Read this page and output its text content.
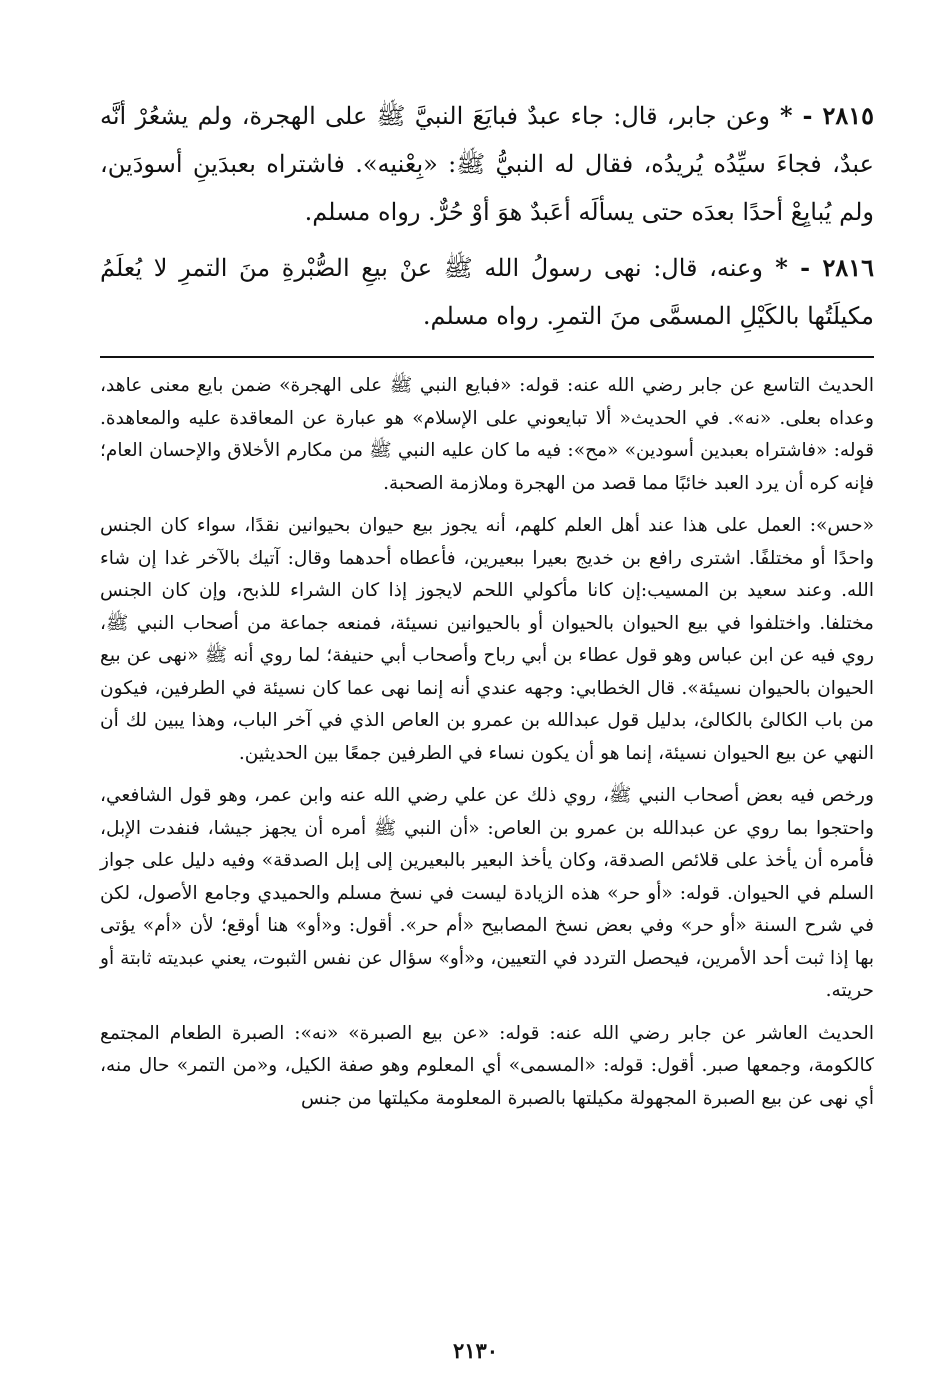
٢٨١٥ - * وعن جابر، قال: جاء عبدٌ فبايَعَ النبيَّ ﷺ على الهجرة، ولم يشعُرْ أنَّه عبدٌ، فجاءَ سيِّدُه يُريدُه، فقال له النبيُّ ﷺ: «بِعْنيه». فاشتراه بعبدَينِ أسودَين، ولم يُبايِعْ أحدًا بعدَه حتى يسألَه أعَبدٌ هوَ أوْ حُرٌّ. رواه مسلم.

٢٨١٦ - * وعنه، قال: نهى رسولُ الله ﷺ عنْ بيعِ الصُّبْرةِ منَ التمرِ لا يُعلَمُ مكيلَتُها بالكَيْلِ المسمَّى منَ التمرِ. رواه مسلم.

الحديث التاسع عن جابر رضي الله عنه: قوله: «فبايع النبي ﷺ على الهجرة» ضمن بايع معنى عاهد، وعداه بعلى. «نه». في الحديث« ألا تبايعوني على الإسلام» هو عبارة عن المعاقدة عليه والمعاهدة. قوله: «فاشتراه بعبدين أسودين» «مح»: فيه ما كان عليه النبي ﷺ من مكارم الأخلاق والإحسان العام؛ فإنه كره أن يرد العبد خائبًا مما قصد من الهجرة وملازمة الصحبة.

«حس»: العمل على هذا عند أهل العلم كلهم، أنه يجوز بيع حيوان بحيوانين نقدًا، سواء كان الجنس واحدًا أو مختلفًا. اشترى رافع بن خديج بعيرا ببعيرين، فأعطاه أحدهما وقال: آتيك بالآخر غدا إن شاء الله. وعند سعيد بن المسيب:إن كانا مأكولي اللحم لايجوز إذا كان الشراء للذبح، وإن كان الجنس مختلفا. واختلفوا في بيع الحيوان بالحيوان أو بالحيوانين نسيئة، فمنعه جماعة من أصحاب النبي ﷺ، روي فيه عن ابن عباس وهو قول عطاء بن أبي رباح وأصحاب أبي حنيفة؛ لما روي أنه ﷺ «نهى عن بيع الحيوان بالحيوان نسيئة». قال الخطابي: وجهه عندي أنه إنما نهى عما كان نسيئة في الطرفين، فيكون من باب الكالئ بالكالئ، بدليل قول عبدالله بن عمرو بن العاص الذي في آخر الباب، وهذا يبين لك أن النهي عن بيع الحيوان نسيئة، إنما هو أن يكون نساء في الطرفين جمعًا بين الحديثين.

ورخص فيه بعض أصحاب النبي ﷺ، روي ذلك عن علي رضي الله عنه وابن عمر، وهو قول الشافعي، واحتجوا بما روي عن عبدالله بن عمرو بن العاص: «أن النبي ﷺ أمره أن يجهز جيشا، فنفدت الإبل، فأمره أن يأخذ على قلائص الصدقة، وكان يأخذ البعير بالبعيرين إلى إبل الصدقة» وفيه دليل على جواز السلم في الحيوان. قوله: «أو حر» هذه الزيادة ليست في نسخ مسلم والحميدي وجامع الأصول، لكن في شرح السنة «أو حر» وفي بعض نسخ المصابيح «أم حر». أقول: و«أو» هنا أوقع؛ لأن «أم» يؤتى بها إذا ثبت أحد الأمرين، فيحصل التردد في التعيين، و«أو» سؤال عن نفس الثبوت، يعني عبديته ثابتة أو حريته.

الحديث العاشر عن جابر رضي الله عنه: قوله: «عن بيع الصبرة» «نه»: الصبرة الطعام المجتمع كالكومة، وجمعها صبر. أقول: قوله: «المسمى» أي المعلوم وهو صفة الكيل، و«من التمر» حال منه، أي نهى عن بيع الصبرة المجهولة مكيلتها بالصبرة المعلومة مكيلتها من جنس

٢١٣٠
